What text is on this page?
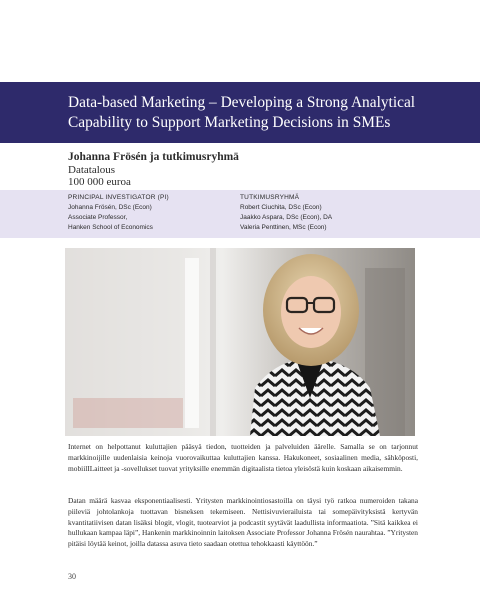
Data-based Marketing – Developing a Strong Analytical Capability to Support Marketing Decisions in SMEs
Johanna Frösén ja tutkimusryhmä
Datatalous
100 000 euroa
PRINCIPAL INVESTIGATOR (PI)
Johanna Frösén, DSc (Econ)
Associate Professor,
Hanken School of Economics
TUTKIMUSRYHMÄ
Robert Ciuchita, DSc (Econ)
Jaakko Aspara, DSc (Econ), DA
Valeria Penttinen, MSc (Econ)

Internet on helpottanut kuluttajien pääsyä tiedon, tuotteiden ja palveluiden äärelle. Samalla se on tarjonnut markkinoijille uudenlaisia keinoja vuorovaikuttaa kuluttajien kanssa. Hakukoneet, sosiaalinen media, sähköposti, mobiilILaitteet ja -sovellukset tuovat yrityksille enemmän digitaalista tietoa yleisöstä kuin koskaan aikaisemmin.

Datan määrä kasvaa eksponentiaalisesti. Yritysten markkinointiosastoilla on täysi työ ratkoa numeroiden takana piileviä johtolankoja tuottavan bisneksen tekemiseen. Nettisivuvierailuista tai somepäivityksistä kertyvän kvantitatiivisen datan lisäksi blogit, vlogit, tuotearviot ja podcastit syytävät laadullista informaatiota. ”Sitä kaikkea ei hullukaan kampaa läpi”, Hankenin markkinoinnin laitoksen Associate Professor Johanna Frösén naurahtaa. ”Yritysten pitäisi löytää keinot, joilla datassa asuva tieto saadaan otettua tehokkaasti käyttöön.”

30
